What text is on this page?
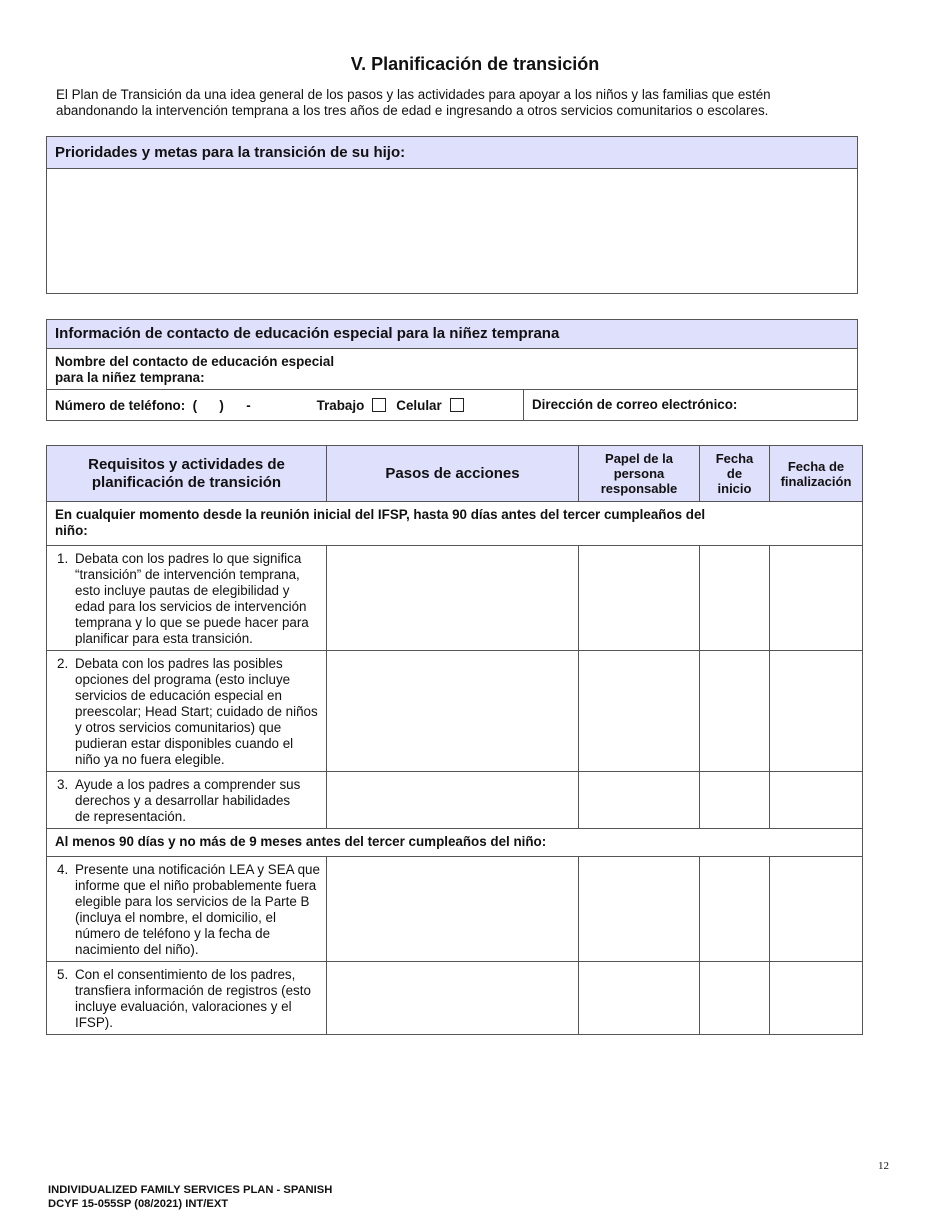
V. Planificación de transición
El Plan de Transición da una idea general de los pasos y las actividades para apoyar a los niños y las familias que estén abandonando la intervención temprana a los tres años de edad e ingresando a otros servicios comunitarios o escolares.
Prioridades y metas para la transición de su hijo:
Información de contacto de educación especial para la niñez temprana
Nombre del contacto de educación especial
para la niñez temprana:
Número de teléfono:  (      )      -	Trabajo Celular	Dirección de correo electrónico:
Requisitos y actividades de planificación de transición	Pasos de acciones	Papel de la persona responsable	Fecha de inicio	Fecha de finalización
En cualquier momento desde la reunión inicial del IFSP, hasta 90 días antes del tercer cumpleaños del niño:				

1. Debata con los padres lo que significa “transición” de intervención temprana, esto incluye pautas de elegibilidad y edad para los servicios de intervención temprana y lo que se puede hacer para planificar para esta transición.				

2. Debata con los padres las posibles opciones del programa (esto incluye servicios de educación especial en preescolar; Head Start; cuidado de niños y otros servicios comunitarios) que pudieran estar disponibles cuando el niño ya no fuera elegible.				

3. Ayude a los padres a comprender sus derechos y a desarrollar habilidades de representación.				

Al menos 90 días y no más de 9 meses antes del tercer cumpleaños del niño:				

4. Presente una notificación LEA y SEA que informe que el niño probablemente fuera elegible para los servicios de la Parte B (incluya el nombre, el domicilio, el número de teléfono y la fecha de nacimiento del niño).				

5. Con el consentimiento de los padres, transfiera información de registros (esto incluye evaluación, valoraciones y el IFSP).				

12
INDIVIDUALIZED FAMILY SERVICES PLAN - SPANISH
DCYF 15-055SP (08/2021) INT/EXT
